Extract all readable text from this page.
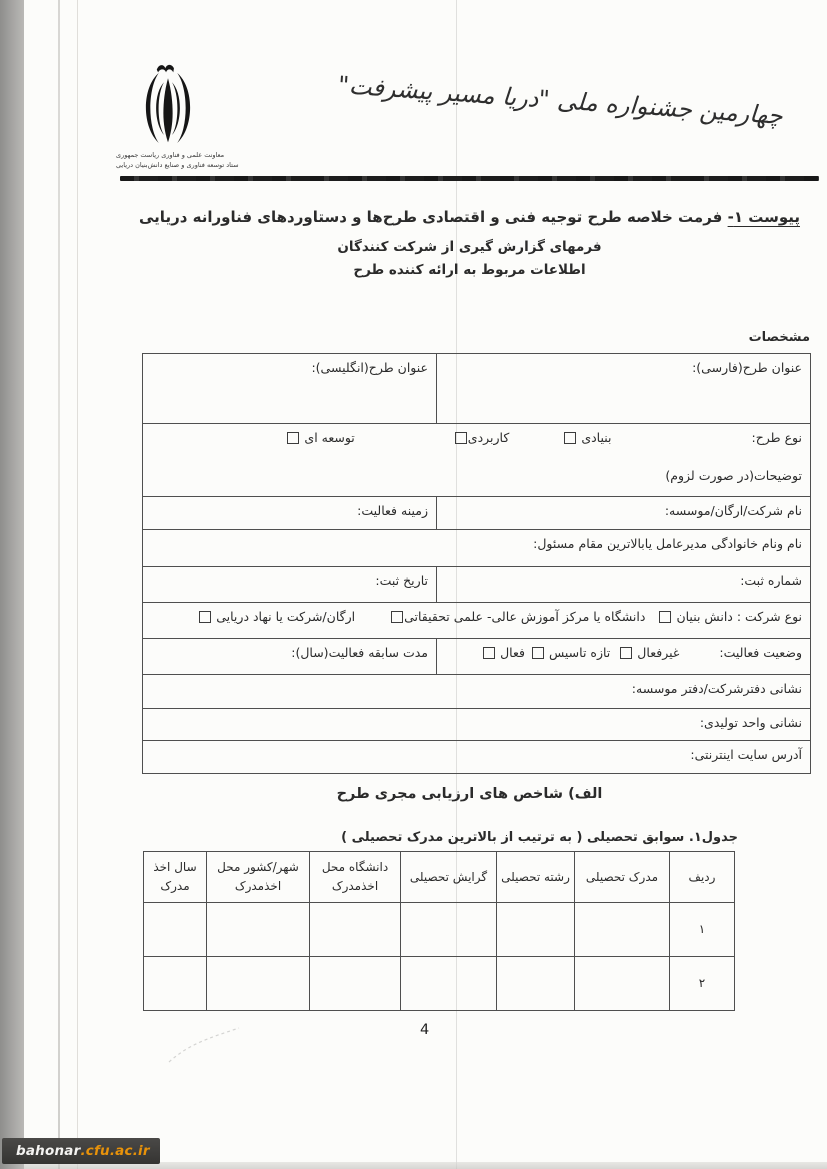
معاونت علمی و فناوری ریاست جمهوری
ستاد توسعه فناوری و صنایع دانش‌بنیان دریایی
چهارمین جشنواره ملی "دریا مسیر پیشرفت"
پیوست ۱- فرمت خلاصه طرح توجیه فنی و اقتصادی طرح‌ها و دستاوردهای فناورانه دریایی
فرمهای گزارش گیری از شرکت کنندگان
اطلاعات مربوط به ارائه کننده طرح
مشخصات
عنوان طرح(فارسی):	عنوان طرح(انگلیسی):

نوع طرح:
بنیادی
کاربردی
توسعه ای
توضیحات(در صورت لزوم)	

نام شرکت/ارگان/موسسه:	زمینه فعالیت:
نام ونام خانوادگی مدیرعامل یابالاترین مقام مسئول:	
شماره ثبت:	تاریخ ثبت:

نوع شرکت : دانش بنیان
دانشگاه یا مرکز آموزش عالی- علمی تحقیقاتی
ارگان/شرکت یا نهاد دریایی	

وضعیت فعالیت:
غیرفعال
تازه تاسیس
فعال	مدت سابقه فعالیت(سال):
نشانی دفترشرکت/دفتر موسسه:	
نشانی واحد تولیدی:	
آدرس سایت اینترنتی:	
الف) شاخص های ارزیابی مجری طرح
جدول۱. سوابق تحصیلی ( به ترتیب از بالاترین مدرک تحصیلی )
ردیف	مدرک تحصیلی	رشته تحصیلی	گرایش تحصیلی	دانشگاه محل اخذمدرک	شهر/کشور محل اخذمدرک	سال اخذ مدرک
۱						
۲						
4
bahonar .cfu.ac.ir
